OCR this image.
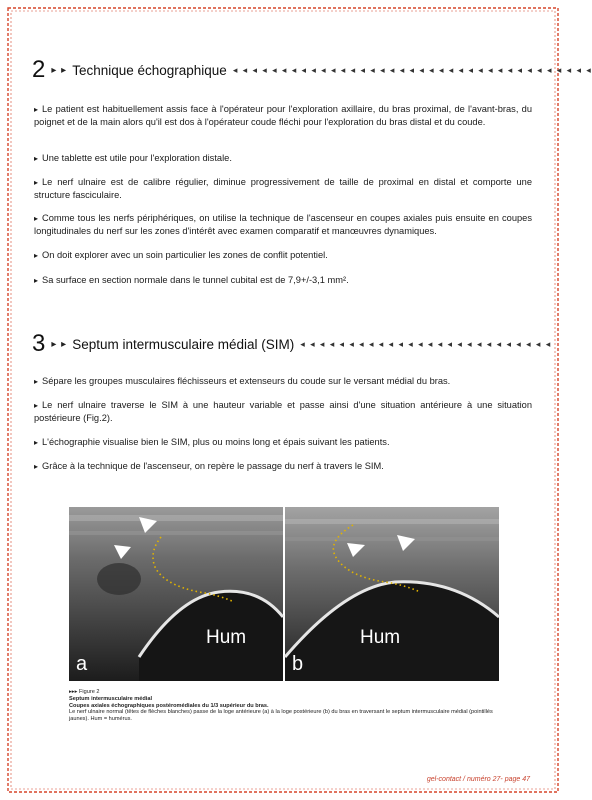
2 ▸ ▸ Technique échographique ◂ ◂ ◂ ◂ ◂ ◂ ◂ ◂ ◂ ◂ ◂ ◂ ◂ ◂ ◂ ◂ ◂ ◂ ◂ ◂ ◂ ◂ ◂ ◂ ◂ ◂ ◂ ◂ ◂ ◂ ◂ ◂ ◂ ◂ ◂ ◂ ◂
▸ Le patient est habituellement assis face à l'opérateur pour l'exploration axillaire, du bras proximal, de l'avant-bras, du poignet et de la main alors qu'il est dos à l'opérateur coude fléchi pour l'exploration du bras distal et du coude.
▸ Une tablette est utile pour l'exploration distale.
▸ Le nerf ulnaire est de calibre régulier, diminue progressivement de taille de proximal en distal et comporte une structure fasciculaire.
▸ Comme tous les nerfs périphériques, on utilise la technique de l'ascenseur en coupes axiales puis ensuite en coupes longitudinales du nerf sur les zones d'intérêt avec examen comparatif et manœuvres dynamiques.
▸ On doit explorer avec un soin particulier les zones de conflit potentiel.
▸ Sa surface en section normale dans le tunnel cubital est de 7,9+/-3,1 mm².
3 ▸ ▸ Septum intermusculaire médial (SIM) ◂ ◂ ◂ ◂ ◂ ◂ ◂ ◂ ◂ ◂ ◂ ◂ ◂ ◂ ◂ ◂ ◂ ◂ ◂ ◂ ◂ ◂ ◂ ◂ ◂ ◂
▸ Sépare les groupes musculaires fléchisseurs et extenseurs du coude sur le versant médial du bras.
▸ Le nerf ulnaire traverse le SIM à une hauteur variable et passe ainsi d'une situation antérieure à une situation postérieure (Fig.2).
▸ L'échographie visualise bien le SIM, plus ou moins long et épais suivant les patients.
▸ Grâce à la technique de l'ascenseur, on repère le passage du nerf à travers le SIM.
Hum
a
Hum
b
▸▸▸ Figure 2
Septum intermusculaire médial
Coupes axiales échographiques postéromédiales du 1/3 supérieur du bras.
Le nerf ulnaire normal (têtes de flèches blanches) passe de la loge antérieure (a) à la loge postérieure (b) du bras en traversant le septum intermusculaire médial (pointillés jaunes). Hum = humérus.
gel-contact / numéro 27- page 47
